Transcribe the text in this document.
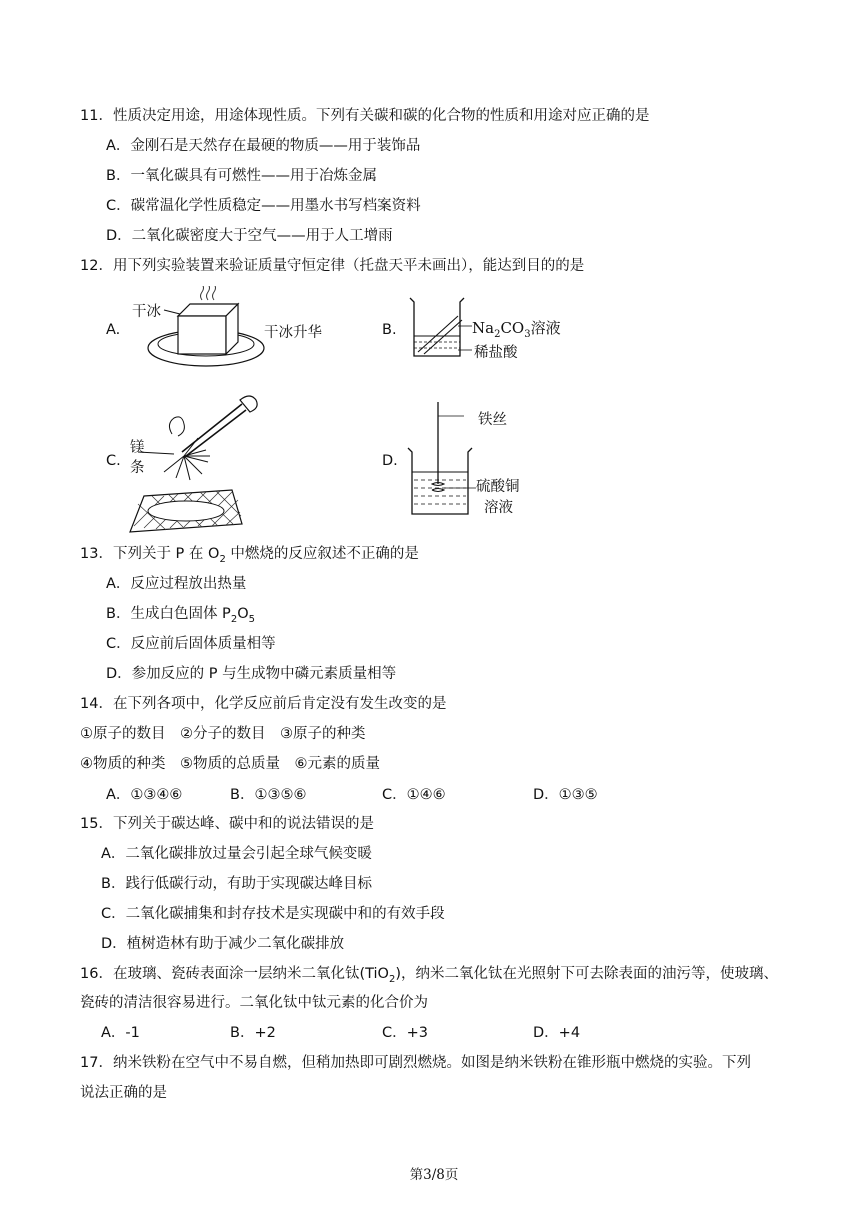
11．性质决定用途，用途体现性质。下列有关碳和碳的化合物的性质和用途对应正确的是
A．金刚石是天然存在最硬的物质——用于装饰品
B．一氧化碳具有可燃性——用于冶炼金属
C．碳常温化学性质稳定——用墨水书写档案资料
D．二氧化碳密度大于空气——用于人工增雨
12．用下列实验装置来验证质量守恒定律（托盘天平未画出），能达到目的的是
A.
干冰
干冰升华	B.	$Na_2CO_3$溶液
稀盐酸
C.
镁
条	D.
铁丝
硫酸铜
溶液
13．下列关于 P 在 $O_2$ 中燃烧的反应叙述不正确的是
A．反应过程放出热量
B．生成白色固体 $P_2O_5$
C．反应前后固体质量相等
D．参加反应的 P 与生成物中磷元素质量相等
14．在下列各项中，化学反应前后肯定没有发生改变的是
①原子的数目　②分子的数目　③原子的种类
④物质的种类　⑤物质的总质量　⑥元素的质量
A．①③④⑥	B．①③⑤⑥	C．①④⑥	D．①③⑤
15．下列关于碳达峰、碳中和的说法错误的是
A．二氧化碳排放过量会引起全球气候变暖
B．践行低碳行动，有助于实现碳达峰目标
C．二氧化碳捕集和封存技术是实现碳中和的有效手段
D．植树造林有助于减少二氧化碳排放
16．在玻璃、瓷砖表面涂一层纳米二氧化钛(TiO$_2$)，纳米二氧化钛在光照射下可去除表面的油污等，使玻璃、
瓷砖的清洁很容易进行。二氧化钛中钛元素的化合价为
A．-1	B．+2	C．+3	D．+4
17．纳米铁粉在空气中不易自燃，但稍加热即可剧烈燃烧。如图是纳米铁粉在锥形瓶中燃烧的实验。下列
说法正确的是
第3/8页
